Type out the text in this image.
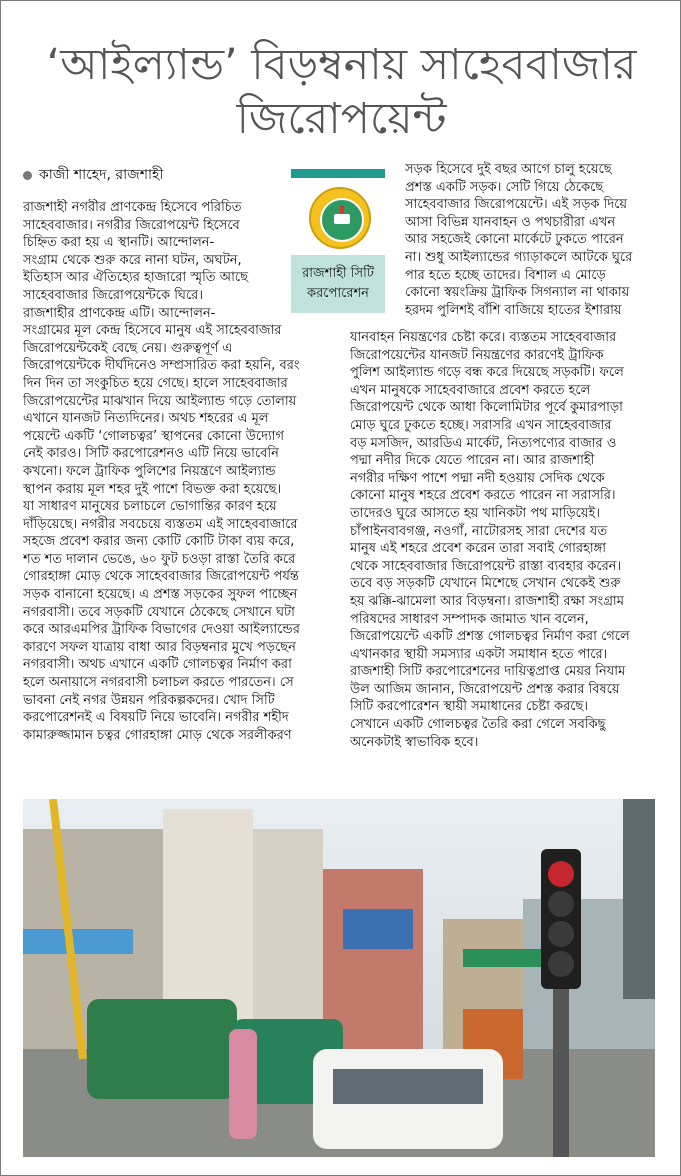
‘আইল্যান্ড’ বিড়ম্বনায় সাহেববাজার
জিরোপয়েন্ট
কাজী শাহেদ, রাজশাহী
রাজশাহী নগরীর প্রাণকেন্দ্র হিসেবে পরিচিত
সাহেববাজার। নগরীর জিরোপয়েন্ট হিসেবে
চিহ্নিত করা হয় এ স্থানটি। আন্দোলন-
সংগ্রাম থেকে শুরু করে নানা ঘটন, অঘটন,
ইতিহাস আর ঐতিহ্যের হাজারো স্মৃতি আছে
সাহেববাজার জিরোপয়েন্টকে ঘিরে।
রাজশাহীর প্রাণকেন্দ্র এটি। আন্দোলন-
সংগ্রামের মূল কেন্দ্র হিসেবে মানুষ এই সাহেববাজার
জিরোপয়েন্টকেই বেছে নেয়। গুরুত্বপূর্ণ এ
জিরোপয়েন্টকে দীর্ঘদিনেও সম্প্রসারিত করা হয়নি, বরং
দিন দিন তা সংকুচিত হয়ে গেছে। হালে সাহেববাজার
জিরোপয়েন্টের মাঝখান দিয়ে আইল্যান্ড গড়ে তোলায়
এখানে যানজট নিত্যদিনের। অথচ শহরের এ মূল
পয়েন্টে একটি ‘গোলচত্বর’ স্থাপনের কোনো উদ্যোগ
নেই কারও। সিটি করপোরেশনও এটি নিয়ে ভাবেনি
কখনো। ফলে ট্রাফিক পুলিশের নিয়ন্ত্রণে আইল্যান্ড
স্থাপন করায় মূল শহর দুই পাশে বিভক্ত করা হয়েছে।
যা সাধারণ মানুষের চলাচলে ভোগান্তির কারণ হয়ে
দাঁড়িয়েছে। নগরীর সবচেয়ে ব্যস্ততম এই সাহেববাজারে
সহজে প্রবেশ করার জন্য কোটি কোটি টাকা ব্যয় করে,
শত শত দালান ভেঙে, ৬০ ফুট চওড়া রাস্তা তৈরি করে
গোরহাঙ্গা মোড় থেকে সাহেববাজার জিরোপয়েন্ট পর্যন্ত
সড়ক বানানো হয়েছে। এ প্রশস্ত সড়কের সুফল পাচ্ছেন
নগরবাসী। তবে সড়কটি যেখানে ঠেকেছে সেখানে ঘটা
করে আরএমপির ট্রাফিক বিভাগের দেওয়া আইল্যান্ডের
কারণে সফল যাত্রায় বাধা আর বিড়ম্বনার মুখে পড়ছেন
নগরবাসী। অথচ এখানে একটি গোলচত্বর নির্মাণ করা
হলে অনায়াসে নগরবাসী চলাচল করতে পারতেন। সে
ভাবনা নেই নগর উন্নয়ন পরিকল্পকদের। খোদ সিটি
করপোরেশনই এ বিষয়টি নিয়ে ভাবেনি। নগরীর শহীদ
কামারুজ্জামান চত্বর গোরহাঙ্গা মোড় থেকে সরলীকরণ
সড়ক হিসেবে দুই বছর আগে চালু হয়েছে
প্রশস্ত একটি সড়ক। সেটি গিয়ে ঠেকেছে
সাহেববাজার জিরোপয়েন্টে। এই সড়ক দিয়ে
আসা বিভিন্ন যানবাহন ও পথচারীরা এখন
আর সহজেই কোনো মার্কেটে ঢুকতে পারেন
না। শুধু আইল্যান্ডের গ্যাড়াকলে আটকে ঘুরে
পার হতে হচ্ছে তাদের। বিশাল এ মোড়ে
কোনো স্বয়ংক্রিয় ট্রাফিক সিগন্যাল না থাকায়
হরদম পুলিশই বাঁশি বাজিয়ে হাতের ইশারায়
যানবাহন নিয়ন্ত্রণের চেষ্টা করে। ব্যস্ততম সাহেববাজার
জিরোপয়েন্টের যানজট নিয়ন্ত্রণের কারণেই ট্রাফিক
পুলিশ আইল্যান্ড গড়ে বন্ধ করে দিয়েছে সড়কটি। ফলে
এখন মানুষকে সাহেববাজারে প্রবেশ করতে হলে
জিরোপয়েন্ট থেকে আধা কিলোমিটার পূর্বে কুমারপাড়া
মোড় ঘুরে ঢুকতে হচ্ছে। সরাসরি এখন সাহেববাজার
বড় মসজিদ, আরডিএ মার্কেট, নিত্যপণ্যের বাজার ও
পদ্মা নদীর দিকে যেতে পারেন না। আর রাজশাহী
নগরীর দক্ষিণ পাশে পদ্মা নদী হওয়ায় সেদিক থেকে
কোনো মানুষ শহরে প্রবেশ করতে পারেন না সরাসরি।
তাদেরও ঘুরে আসতে হয় খানিকটা পথ মাড়িয়েই।
চাঁপাইনবাবগঞ্জ, নওগাঁ, নাটোরসহ সারা দেশের যত
মানুষ এই শহরে প্রবেশ করেন তারা সবাই গোরহাঙ্গা
থেকে সাহেববাজার জিরোপয়েন্ট রাস্তা ব্যবহার করেন।
তবে বড় সড়কটি যেখানে মিশেছে সেখান থেকেই শুরু
হয় ঝক্কি-ঝামেলা আর বিড়ম্বনা। রাজশাহী রক্ষা সংগ্রাম
পরিষদের সাধারণ সম্পাদক জামাত খান বলেন,
জিরোপয়েন্টে একটি প্রশস্ত গোলচত্বর নির্মাণ করা গেলে
এখানকার স্থায়ী সমস্যার একটা সমাধান হতে পারে।
রাজশাহী সিটি করপোরেশনের দায়িত্বপ্রাপ্ত মেয়র নিযাম
উল আজিম জানান, জিরোপয়েন্ট প্রশস্ত করার বিষয়ে
সিটি করপোরেশন স্থায়ী সমাধানের চেষ্টা করছে।
সেখানে একটি গোলচত্বর তৈরি করা গেলে সবকিছু
অনেকটাই স্বাভাবিক হবে।
রাজশাহী সিটি
করপোরেশন
